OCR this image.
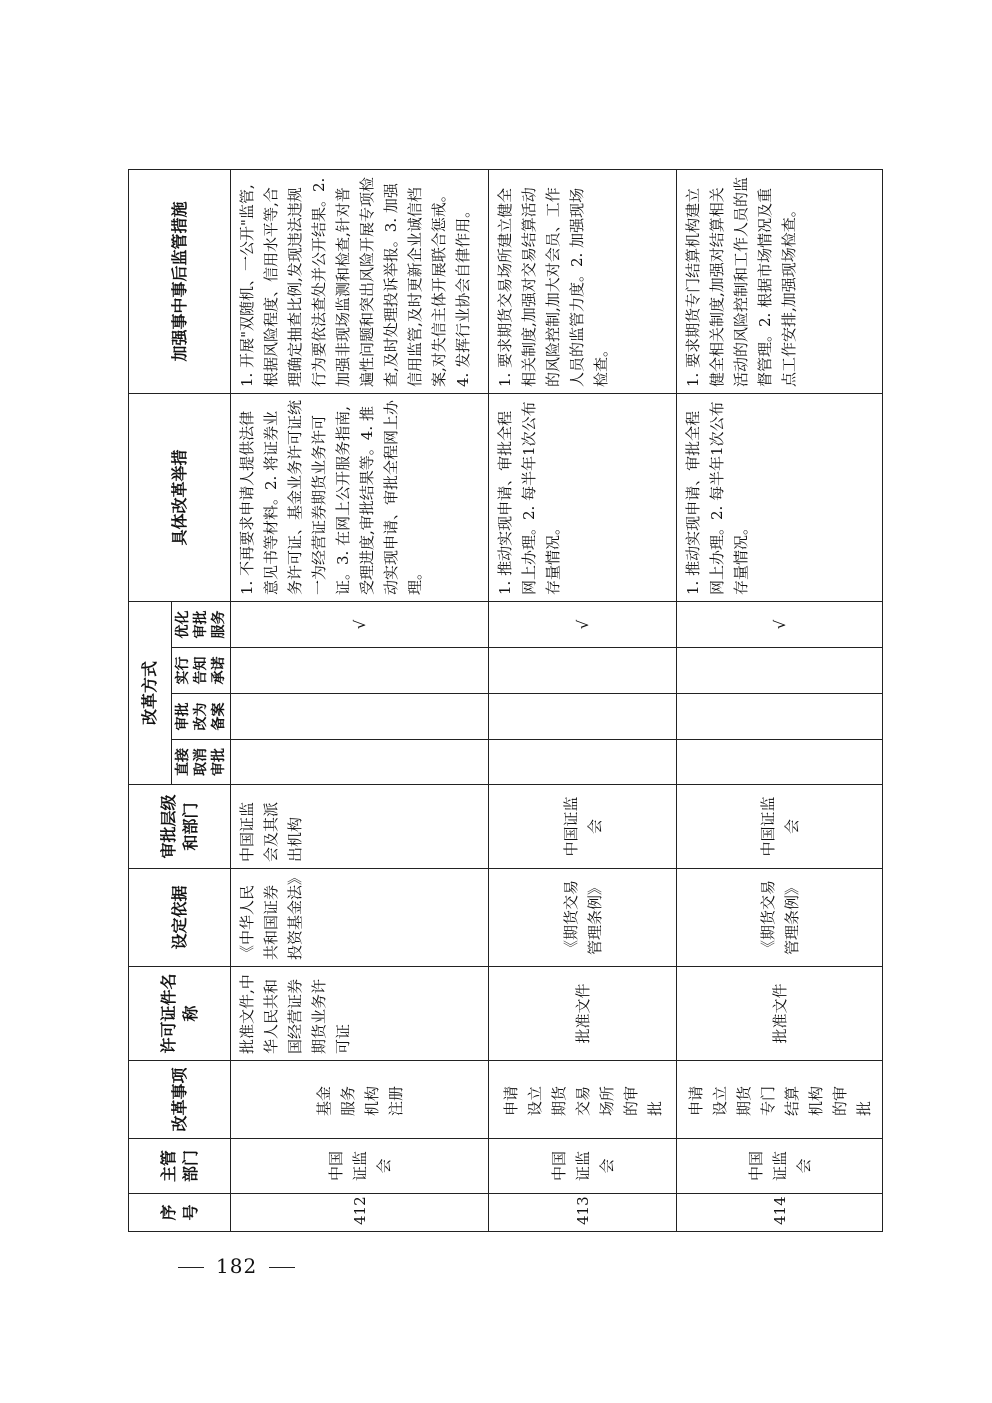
序号	主管部门	改革事项	许可证件名称	设定依据	审批层级和部门	改革方式				具体改革举措	加强事中事后监管措施
						直接取消审批	审批改为备案	实行告知承诺	优化审批服务		
412	中国证监会	基金服务机构注册	批准文件,中华人民共和国经营证券期货业务许可证	《中华人民共和国证券投资基金法》	中国证监会及其派出机构				√	1. 不再要求申请人提供法律意见书等材料。2. 将证券业务许可证、基金业务许可证统一为经营证券期货业务许可证。3. 在网上公开服务指南,受理进度,审批结果等。4. 推动实现申请、审批全程网上办理。	1. 开展"双随机、一公开"监管,根据风险程度、信用水平等,合理确定抽查比例,发现违法违规行为要依法查处并公开结果。2. 加强非现场监测和检查,针对普遍性问题和突出风险开展专项检查,及时处理投诉举报。3. 加强信用监管,及时更新企业诚信档案,对失信主体开展联合惩戒。4. 发挥行业协会自律作用。
413	中国证监会	申请设立期货交易场所的审批	批准文件	《期货交易管理条例》	中国证监会				√	1. 推动实现申请、审批全程网上办理。2. 每半年1次公布存量情况。	1. 要求期货交易场所建立健全相关制度,加强对交易结算活动的风险控制,加大对会员、工作人员的监管力度。2. 加强现场检查。
414	中国证监会	申请设立期货专门结算机构的审批	批准文件	《期货交易管理条例》	中国证监会				√	1. 推动实现申请、审批全程网上办理。2. 每半年1次公布存量情况。	1. 要求期货专门结算机构建立健全相关制度,加强对结算相关活动的风险控制和工作人员的监督管理。2. 根据市场情况及重点工作安排,加强现场检查。
182
